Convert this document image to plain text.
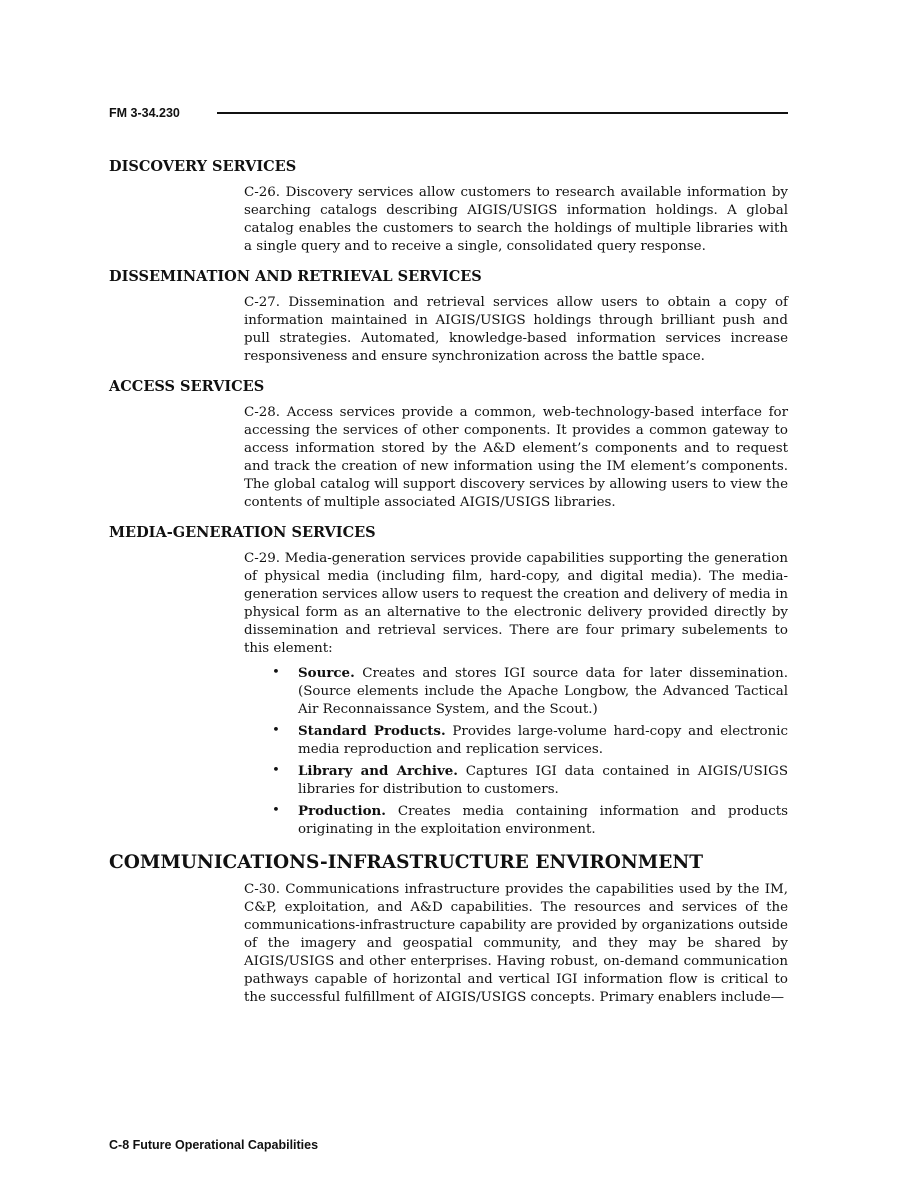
FM 3-34.230
DISCOVERY SERVICES

C-26. Discovery services allow customers to research available information by searching catalogs describing AIGIS/USIGS information holdings. A global catalog enables the customers to search the holdings of multiple libraries with a single query and to receive a single, consolidated query response.

DISSEMINATION AND RETRIEVAL SERVICES

C-27. Dissemination and retrieval services allow users to obtain a copy of information maintained in AIGIS/USIGS holdings through brilliant push and pull strategies. Automated, knowledge-based information services increase responsiveness and ensure synchronization across the battle space.

ACCESS SERVICES

C-28. Access services provide a common, web-technology-based interface for accessing the services of other components. It provides a common gateway to access information stored by the A&D element’s components and to request and track the creation of new information using the IM element’s components. The global catalog will support discovery services by allowing users to view the contents of multiple associated AIGIS/USIGS libraries.

MEDIA-GENERATION SERVICES

C-29. Media-generation services provide capabilities supporting the generation of physical media (including film, hard-copy, and digital media). The media-generation services allow users to request the creation and delivery of media in physical form as an alternative to the electronic delivery provided directly by dissemination and retrieval services. There are four primary subelements to this element:

• Source. Creates and stores IGI source data for later dissemination. (Source elements include the Apache Longbow, the Advanced Tactical Air Reconnaissance System, and the Scout.)
• Standard Products. Provides large-volume hard-copy and electronic media reproduction and replication services.
• Library and Archive. Captures IGI data contained in AIGIS/USIGS libraries for distribution to customers.
• Production. Creates media containing information and products originating in the exploitation environment.
COMMUNICATIONS-INFRASTRUCTURE ENVIRONMENT

C-30. Communications infrastructure provides the capabilities used by the IM, C&P, exploitation, and A&D capabilities. The resources and services of the communications-infrastructure capability are provided by organizations outside of the imagery and geospatial community, and they may be shared by AIGIS/USIGS and other enterprises. Having robust, on-demand communication pathways capable of horizontal and vertical IGI information flow is critical to the successful fulfillment of AIGIS/USIGS concepts. Primary enablers include—

C-8 Future Operational Capabilities
